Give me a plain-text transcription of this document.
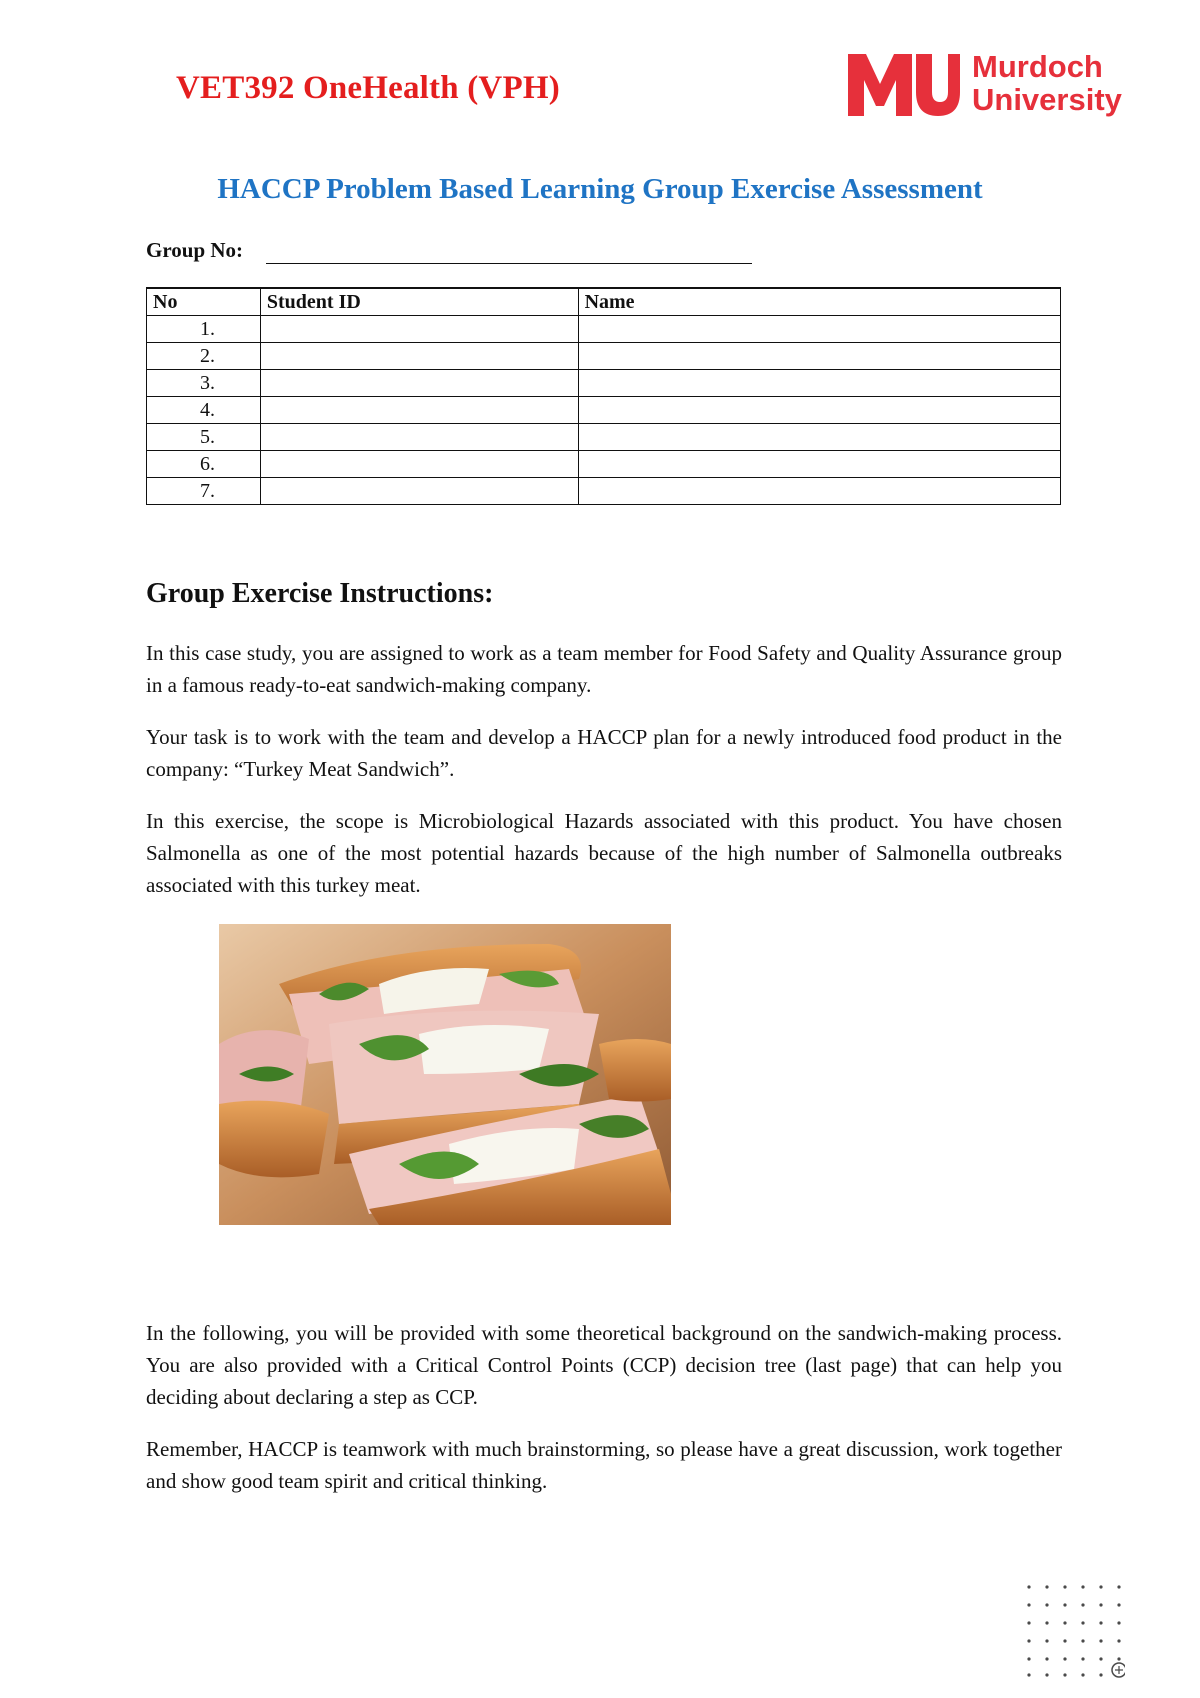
VET392 OneHealth (VPH)
Murdoch
University
HACCP Problem Based Learning Group Exercise Assessment
Group No:
No	Student ID	Name
1.		
2.		
3.		
4.		
5.		
6.		
7.		
Group Exercise Instructions:

In this case study, you are assigned to work as a team member for Food Safety and Quality Assurance group in a famous ready-to-eat sandwich-making company.

Your task is to work with the team and develop a HACCP plan for a newly introduced food product in the company: “Turkey Meat Sandwich”.

In this exercise, the scope is Microbiological Hazards associated with this product. You have chosen Salmonella as one of the most potential hazards because of the high number of Salmonella outbreaks associated with this turkey meat.

In the following, you will be provided with some theoretical background on the sandwich-making process. You are also provided with a Critical Control Points (CCP) decision tree (last page) that can help you deciding about declaring a step as CCP.

Remember, HACCP is teamwork with much brainstorming, so please have a great discussion, work together and show good team spirit and critical thinking.
